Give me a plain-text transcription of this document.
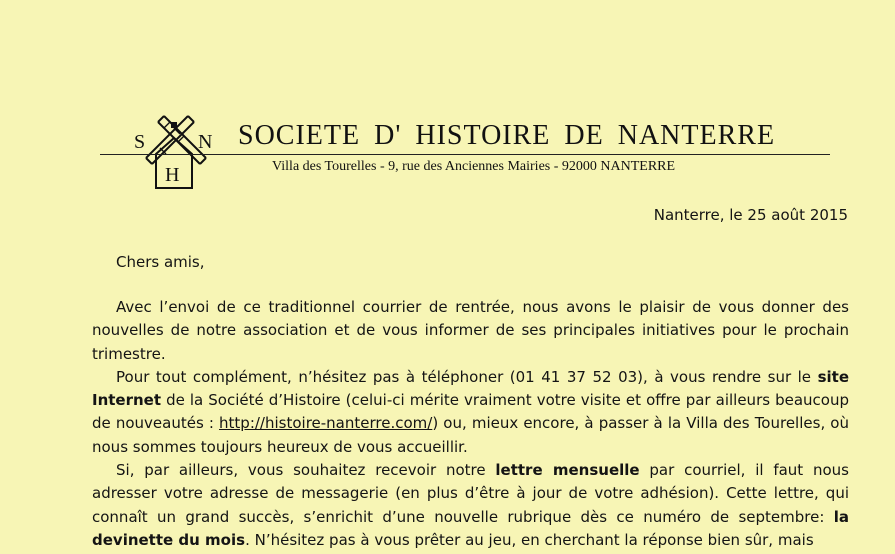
S	N
H
SOCIETE D' HISTOIRE DE NANTERRE
Villa des Tourelles - 9, rue des Anciennes Mairies - 92000 NANTERRE
Nanterre, le 25 août 2015
Chers amis,

Avec l’envoi de ce traditionnel courrier de rentrée, nous avons le plaisir de vous donner des nouvelles de notre association et de vous informer de ses principales initiatives pour le prochain trimestre.

Pour tout complément, n’hésitez pas à téléphoner (01 41 37 52 03), à vous rendre sur le site Internet de la Société d’Histoire (celui-ci mérite vraiment votre visite et offre par ailleurs beaucoup de nouveautés : http://histoire-nanterre.com/) ou, mieux encore, à passer à la Villa des Tourelles, où nous sommes toujours heureux de vous accueillir.

Si, par ailleurs, vous souhaitez recevoir notre lettre mensuelle par courriel, il faut nous adresser votre adresse de messagerie (en plus d’être à jour de votre adhésion). Cette lettre, qui connaît un grand succès, s’enrichit d’une nouvelle rubrique dès ce numéro de septembre: la devinette du mois. N’hésitez pas à vous prêter au jeu, en cherchant la réponse bien sûr, mais
